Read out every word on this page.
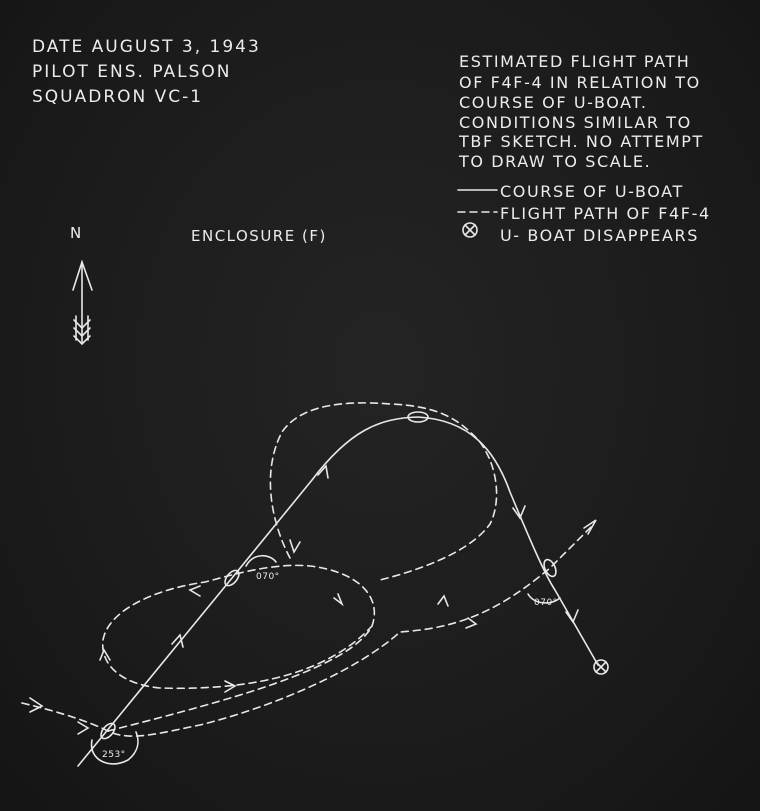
DATE AUGUST 3, 1943
PILOT ENS. PALSON
SQUADRON VC-1
ESTIMATED FLIGHT PATH
OF F4F-4 IN RELATION TO
COURSE OF U-BOAT.
CONDITIONS SIMILAR TO
TBF SKETCH. NO ATTEMPT
TO DRAW TO SCALE.
COURSE OF U-BOAT
FLIGHT PATH OF F4F-4
U- BOAT DISAPPEARS
N	ENCLOSURE (F)
253°
070°
070°
